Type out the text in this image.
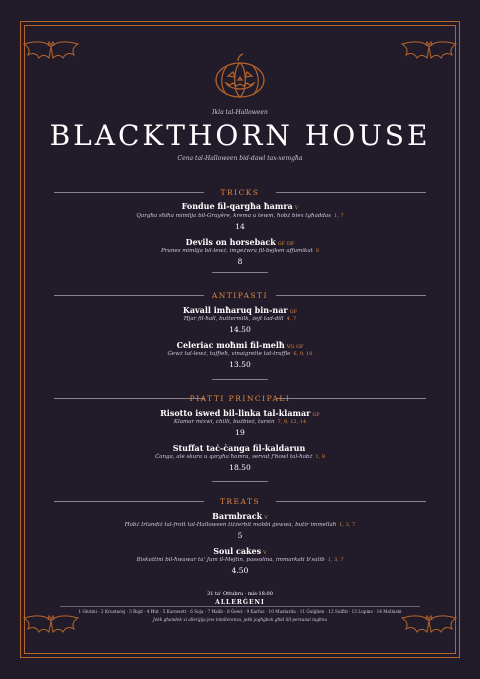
Ikla tal-Halloween
BLACKTHORN HOUSE
Cena tal-Halloween bid-dawl tax-xemgħa
TRICKS
Fondue fil-qargħa ħamra V
Qargħa sħiħa mimlija bil-Gruyère, krema u tewm, ħobż biex tgħaddas 1, 7
14
Devils on horseback GF DF
Prunes mimlija bil-lewż, imgeżwra fil-bejken affumikat 8
8
ANTIPASTI
Kavall imħaruq bin-nar GF
Ħjar fil-ħall, buttermilk, żejt tad-dill 4, 7
14.50
Celeriac moħmi fil-melħ VG GF
Ġewż tal-lewż, tuffieħ, vinaigrette tat-truffle 6, 9, 10
13.50
PIATTI PRINCIPALI
Risotto iswed bil-linka tal-klamar GF
Klamar mixwi, chilli, bużbież, tursin 7, 9, 12, 14
19
Stuffat taċ-ċanga fil-kaldarun
Ċanga, ale skura u qargħa ħamra, servut f'bowl tal-ħobż 1, 9
18.50
TREATS
Barmbrack V
Ħobż Irlandiż tal-frott tal-Halloween tiżżerbit mobbi ġewwa, butir immellaħ 1, 3, 7
5
Soul cakes V
Biskuttini bil-ħwawar ta' Jum il-Mejtin, passolina, immarkati b'salib 1, 3, 7
4.50
31 ta' Ottubru · mis-18:00
ALLERĠENI
1 Glutini · 2 Krustaċej · 3 Bajd · 4 Ħut · 5 Karawett · 6 Soja · 7 Ħalib · 8 Ġewż · 9 Karfus · 10 Mustarda · 11 Ġulġlien · 12 Sulfiti · 13 Lupins · 14 Molluski
Jekk għandek xi allerġija jew intolleranza, jekk jogħġbok għid lill-persunal tagħna
